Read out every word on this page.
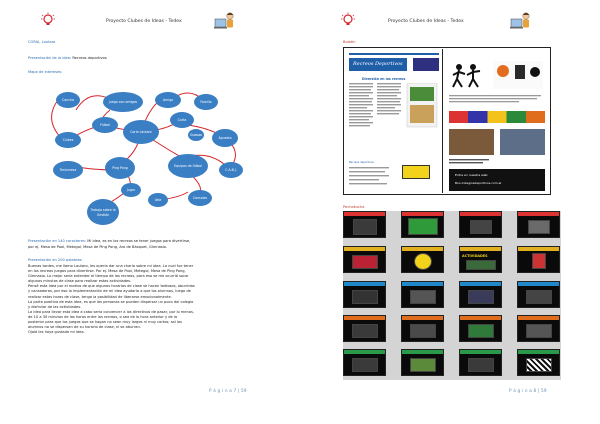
Proyecto Clubes de Ideas - Tedex
CORIA, Lautaro
Presentación de la idea: Recreos deportivos
Mapa de intereses:
Cancha	Juego con amigos	Amigo	Familia
Fútbol
Carta
Apuesta
Clubes
Coria Lautaro
Guasao
Ping Pong	Equipos de fútbol
C.A.B.J.
Tenismesa
Jugar
Vale	Consolas
Trabajo sobre la
Gestión
Presentación en 140 caracteres: Mi idea, es en los recreos se tener juegos para divertirse,
por ej. Mesa de Pool, Metegol, Mesa de Ping Pong, Aro de Básquet, Gimnasio.
Presentación en 200 palabras:
Buenas tardes, me llamo Lautaro, les quería dar una charla sobre mi idea. La cual fue tener
en los recreos juegos para divertirse. Por ej. Mesa de Pool, Metegol, Mesa de Ping Pong,
Gimnasio. Lo mejor sería extender el tiempo de los recreos, para eso se me ocurrió sacar
algunos minutos de clase para realizar estas actividades.
Pensé esta idea por el motivo de que algunos horarios de clase se hacen tediosos, aburridas
y cansadoras, por eso la implementación de mi idea ayudaría a que los alumnos, luego de
realizar estas horas de clase, tenga la posibilidad de liberarse emocionalmente.
La parte positiva de esta idea, es que las personas se pueden dispersar un poco del colegio
y disfrutar de las actividades.
La idea para llevar esta idea a cabo sería convencer a los directivos de pasar, por lo menos,
de 10 a 30 minutos de las horas entre los recreos, o sea de la hora anterior y de la
posterior para que los juegos que se hagan no sean muy largos ni muy cortos; así los
alumnos no se dispersan de su horario de clase, ni se aburran.
Ojalá les haya gustado mi idea.
P á g i n a 7 | 59
Proyecto Clubes de Ideas - Tedex
Boletín
Pechakucha
P á g i n a 8 | 59
Recreos Deportivos
Diversión en los recreos
Recreos deportivos
Entra en nuestra web:
Boo.Colegiosdeportivos.com.ar
ACTIVIDADES
